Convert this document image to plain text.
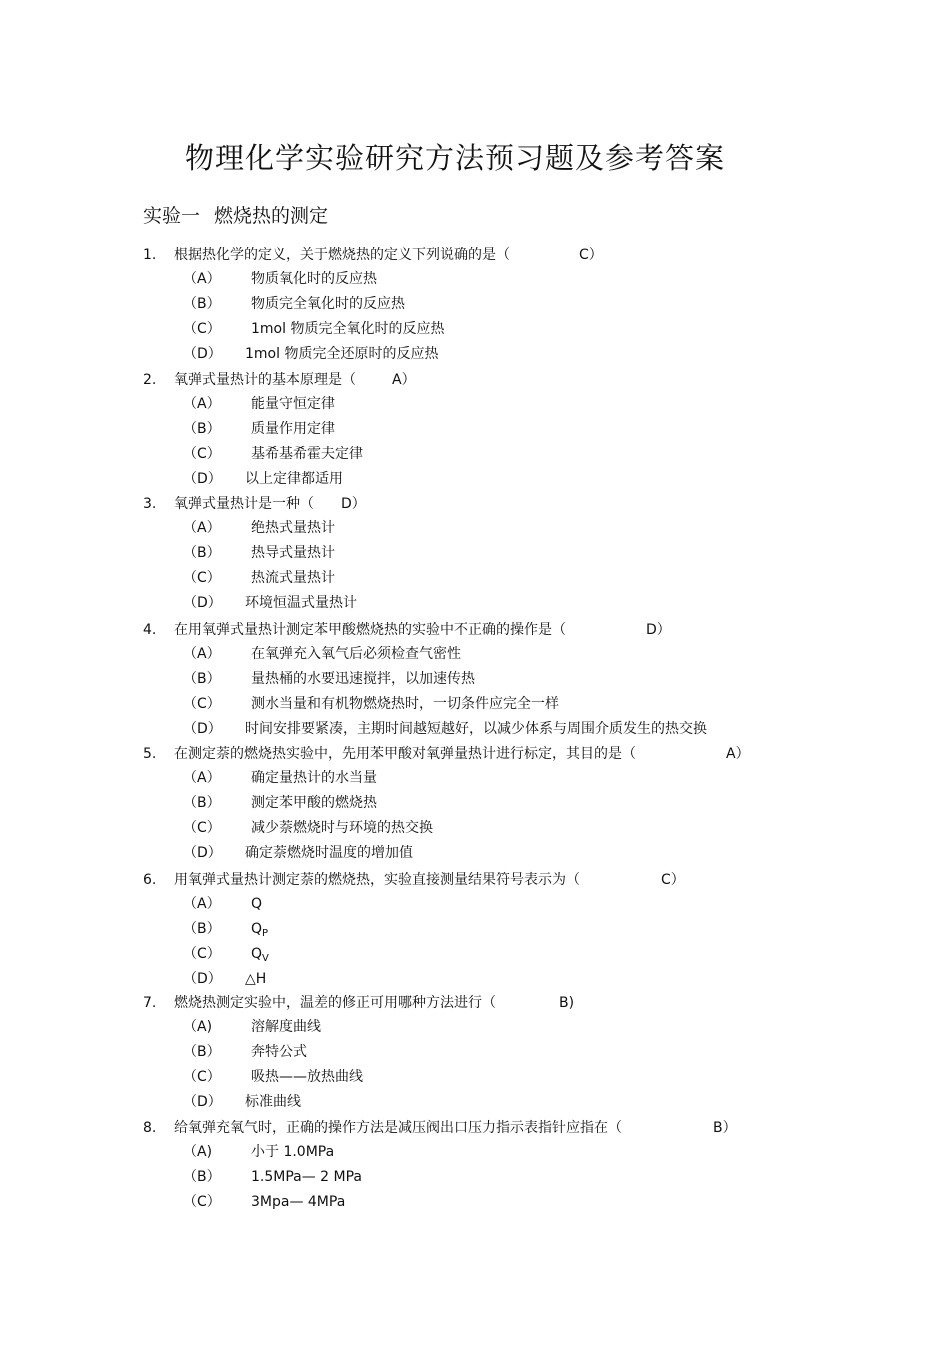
物理化学实验研究方法预习题及参考答案
实验一 燃烧热的测定
1. 根据热化学的定义，关于燃烧热的定义下列说确的是（	C）
（A） 物质氧化时的反应热
（B） 物质完全氧化时的反应热
（C） 1mol 物质完全氧化时的反应热
（D） 1mol 物质完全还原时的反应热
2. 氧弹式量热计的基本原理是（	A）
（A） 能量守恒定律
（B） 质量作用定律
（C） 基希基希霍夫定律
（D） 以上定律都适用
3. 氧弹式量热计是一种（ D）
（A） 绝热式量热计
（B） 热导式量热计
（C） 热流式量热计
（D） 环境恒温式量热计
4. 在用氧弹式量热计测定苯甲酸燃烧热的实验中不正确的操作是（	D）
（A） 在氧弹充入氧气后必须检查气密性
（B） 量热桶的水要迅速搅拌，以加速传热
（C） 测水当量和有机物燃烧热时，一切条件应完全一样
（D） 时间安排要紧凑，主期时间越短越好，以减少体系与周围介质发生的热交换
5. 在测定萘的燃烧热实验中，先用苯甲酸对氧弹量热计进行标定，其目的是（	A）
（A） 确定量热计的水当量
（B） 测定苯甲酸的燃烧热
（C） 减少萘燃烧时与环境的热交换
（D） 确定萘燃烧时温度的增加值
6. 用氧弹式量热计测定萘的燃烧热，实验直接测量结果符号表示为（	C）
（A） Q
（B） $Q_P$
（C） $Q_V$
（D） △H
7. 燃烧热测定实验中，温差的修正可用哪种方法进行（	B)
（A)	溶解度曲线
（B） 奔特公式
（C） 吸热——放热曲线
（D） 标准曲线
8. 给氧弹充氧气时，正确的操作方法是减压阀出口压力指示表指针应指在（	B）
（A)	小于 1.0MPa
（B） 1.5MPa— 2 MPa
（C） 3Mpa— 4MPa
